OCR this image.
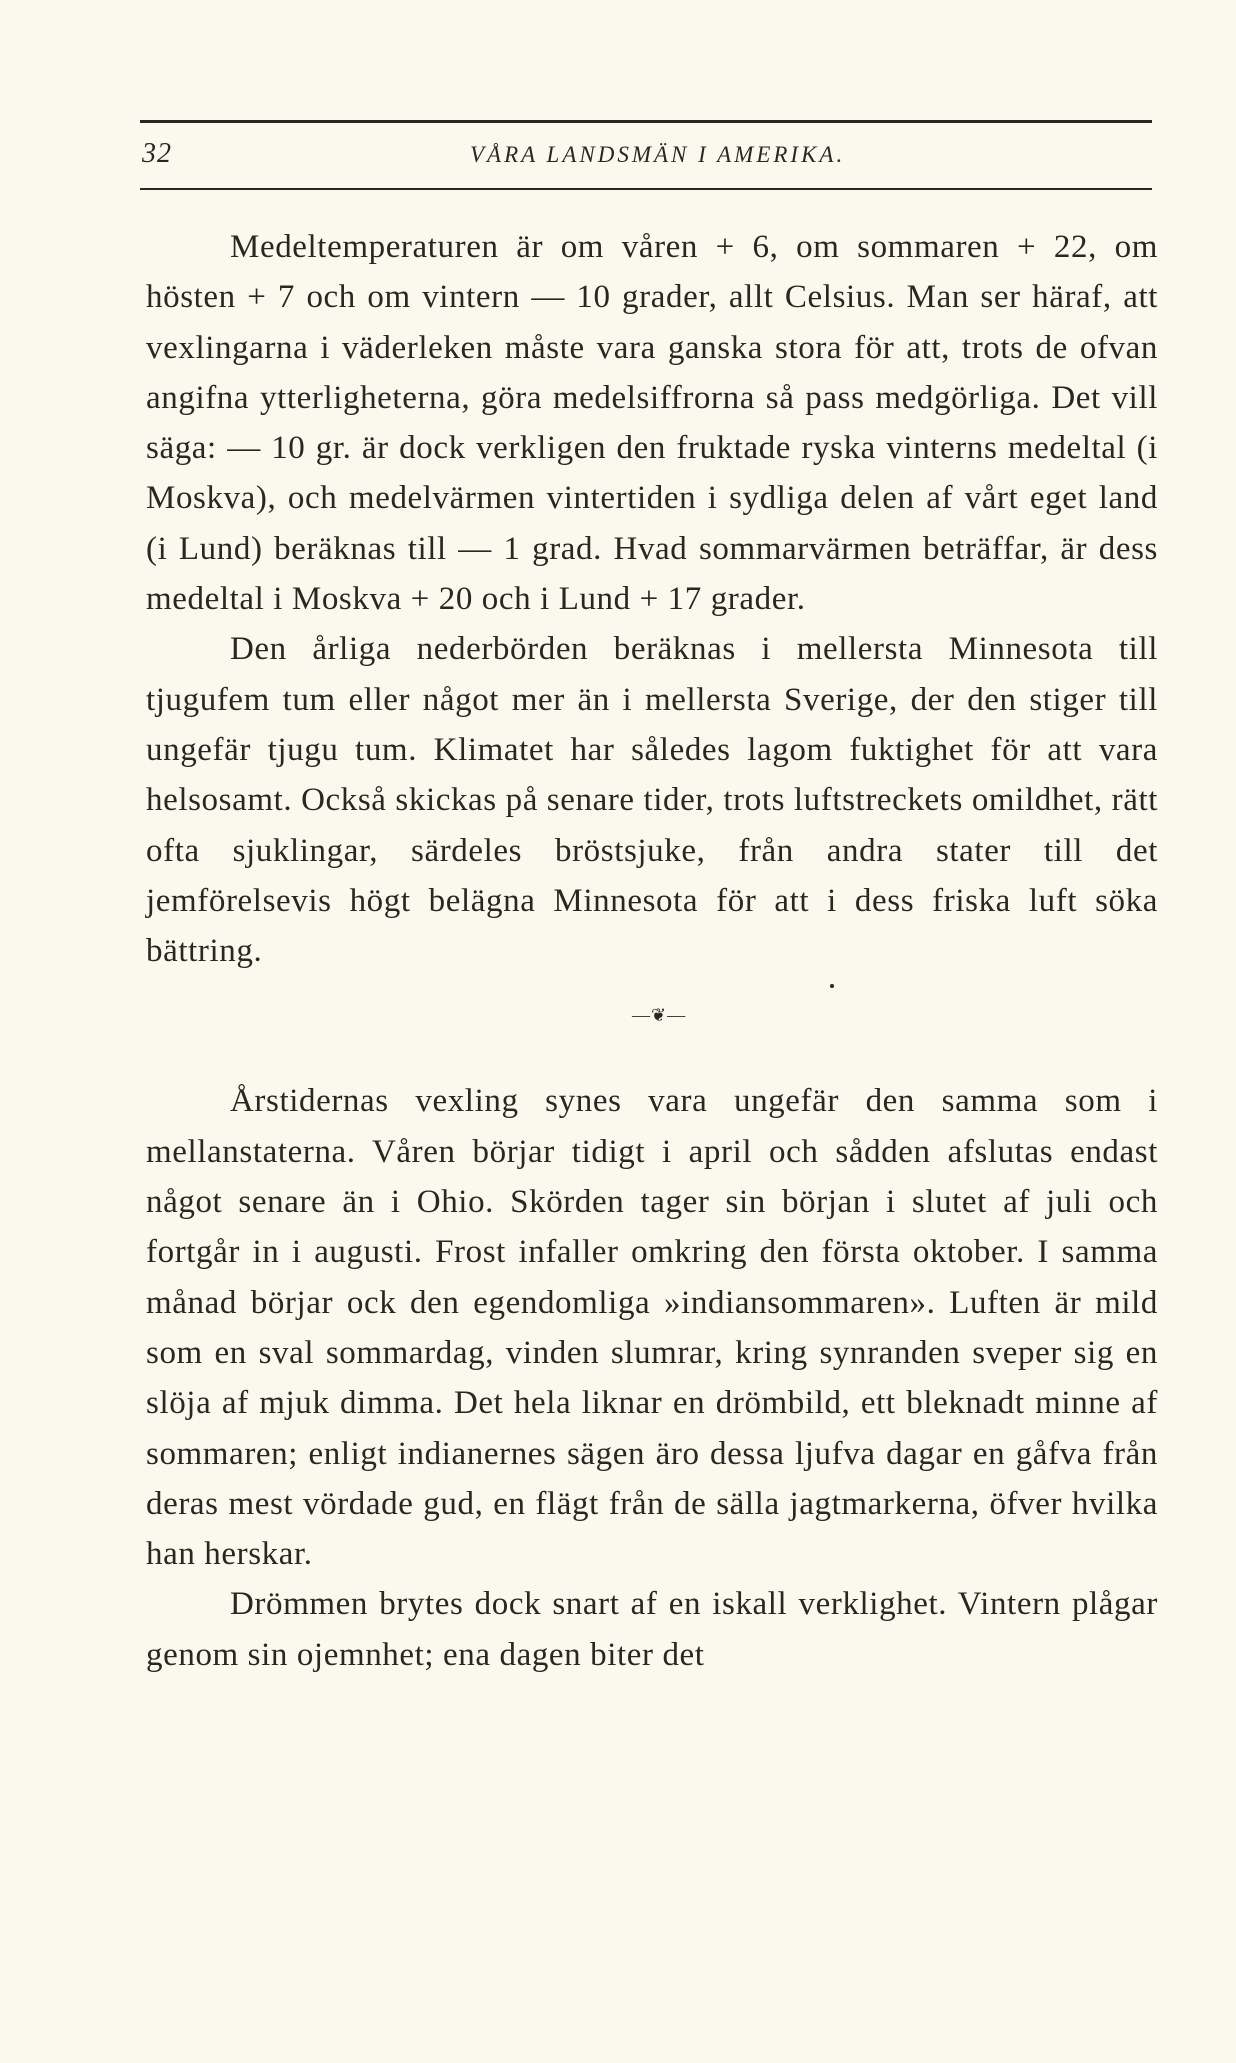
32	VÅRA LANDSMÄN I AMERIKA.

Medeltemperaturen är om våren + 6, om sommaren + 22, om hösten + 7 och om vintern — 10 grader, allt Celsius. Man ser häraf, att vexlingarna i väderleken måste vara ganska stora för att, trots de ofvan angifna ytterligheterna, göra medelsiffrorna så pass medgörliga. Det vill säga: — 10 gr. är dock verkligen den fruktade ryska vinterns medeltal (i Moskva), och medelvärmen vintertiden i sydliga delen af vårt eget land (i Lund) beräknas till — 1 grad. Hvad sommarvärmen beträffar, är dess medeltal i Moskva + 20 och i Lund + 17 grader.

Den årliga nederbörden beräknas i mellersta Minnesota till tjugufem tum eller något mer än i mellersta Sverige, der den stiger till ungefär tjugu tum. Klimatet har således lagom fuktighet för att vara helsosamt. Också skickas på senare tider, trots luftstreckets omildhet, rätt ofta sjuklingar, särdeles bröstsjuke, från andra stater till det jemförelsevis högt belägna Minnesota för att i dess friska luft söka bättring.

—❦—

Årstidernas vexling synes vara ungefär den samma som i mellanstaterna. Våren börjar tidigt i april och sådden afslutas endast något senare än i Ohio. Skörden tager sin början i slutet af juli och fortgår in i augusti. Frost infaller omkring den första oktober. I samma månad börjar ock den egendomliga »indiansommaren». Luften är mild som en sval sommardag, vinden slumrar, kring synranden sveper sig en slöja af mjuk dimma. Det hela liknar en drömbild, ett bleknadt minne af sommaren; enligt indianernes sägen äro dessa ljufva dagar en gåfva från deras mest vördade gud, en flägt från de sälla jagtmarkerna, öfver hvilka han herskar.

Drömmen brytes dock snart af en iskall verklighet. Vintern plågar genom sin ojemnhet; ena dagen biter det
